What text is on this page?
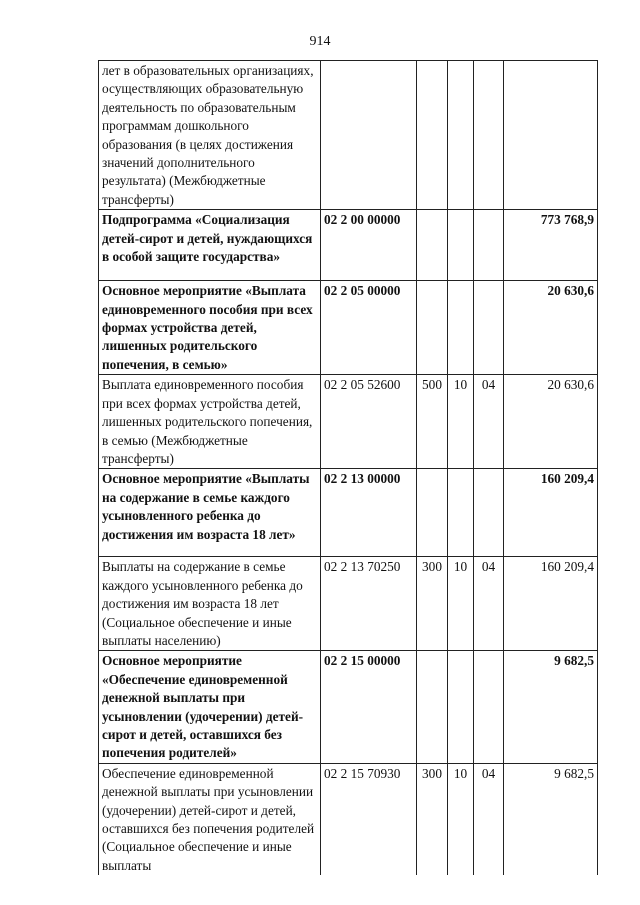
914
лет в образовательных организациях, осуществляющих образовательную деятельность по образовательным программам дошкольного образования (в целях достижения значений дополнительного результата) (Межбюджетные трансферты)					
Подпрограмма «Социализация детей-сирот и детей, нуждающихся в особой защите государства»	02 2 00 00000				773 768,9
Основное мероприятие «Выплата единовременного пособия при всех формах устройства детей, лишенных родительского попечения, в семью»	02 2 05 00000				20 630,6
Выплата единовременного пособия при всех формах устройства детей, лишенных родительского попечения, в семью (Межбюджетные трансферты)	02 2 05 52600	500	10	04	20 630,6
Основное мероприятие «Выплаты на содержание в семье каждого усыновленного ребенка до достижения им возраста 18 лет»	02 2 13 00000				160 209,4
Выплаты на содержание в семье каждого усыновленного ребенка до достижения им возраста 18 лет (Социальное обеспечение и иные выплаты населению)	02 2 13 70250	300	10	04	160 209,4
Основное мероприятие «Обеспечение единовременной денежной выплаты при усыновлении (удочерении) детей-сирот и детей, оставшихся без попечения родителей»	02 2 15 00000				9 682,5
Обеспечение единовременной денежной выплаты при усыновлении (удочерении) детей-сирот и детей, оставшихся без попечения родителей (Социальное обеспечение и иные выплаты	02 2 15 70930	300	10	04	9 682,5
